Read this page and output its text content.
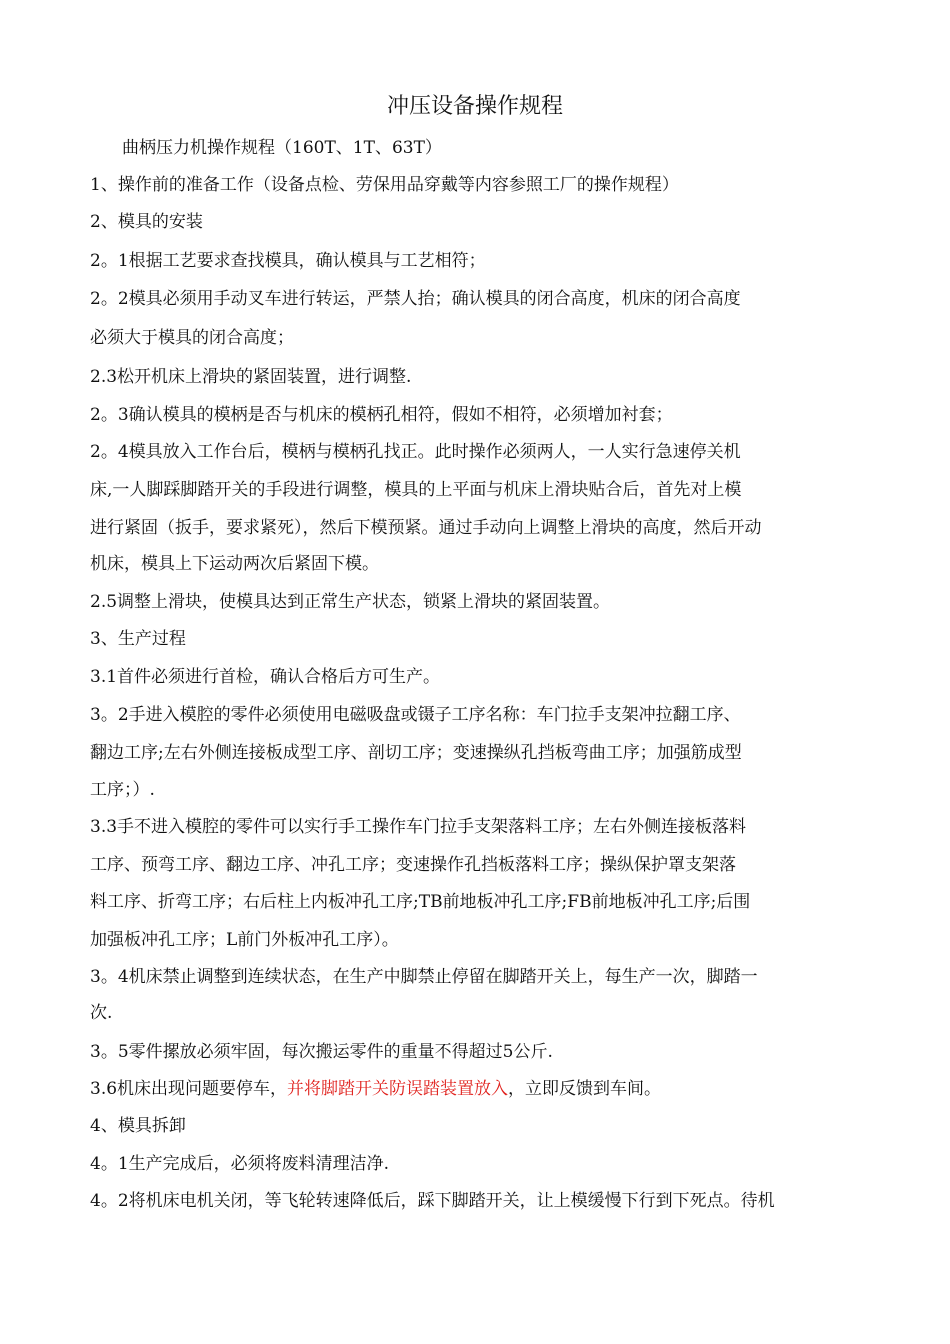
冲压设备操作规程
曲柄压力机操作规程（160T、1T、63T）
1、操作前的准备工作（设备点检、劳保用品穿戴等内容参照工厂的操作规程）
2、模具的安装
2。1根据工艺要求查找模具，确认模具与工艺相符；
2。2模具必须用手动叉车进行转运，严禁人抬；确认模具的闭合高度，机床的闭合高度
必须大于模具的闭合高度；
2.3松开机床上滑块的紧固装置，进行调整.
2。3确认模具的模柄是否与机床的模柄孔相符，假如不相符，必须增加衬套；
2。4模具放入工作台后，模柄与模柄孔找正。此时操作必须两人，一人实行急速停关机
床,一人脚踩脚踏开关的手段进行调整，模具的上平面与机床上滑块贴合后，首先对上模
进行紧固（扳手，要求紧死），然后下模预紧。通过手动向上调整上滑块的高度，然后开动
机床，模具上下运动两次后紧固下模。
2.5调整上滑块，使模具达到正常生产状态，锁紧上滑块的紧固装置。
3、生产过程
3.1首件必须进行首检，确认合格后方可生产。
3。2手进入模腔的零件必须使用电磁吸盘或镊子工序名称：车门拉手支架冲拉翻工序、
翻边工序;左右外侧连接板成型工序、剖切工序；变速操纵孔挡板弯曲工序；加强筋成型
工序；）.
3.3手不进入模腔的零件可以实行手工操作车门拉手支架落料工序；左右外侧连接板落料
工序、预弯工序、翻边工序、冲孔工序；变速操作孔挡板落料工序；操纵保护罩支架落
料工序、折弯工序；右后柱上内板冲孔工序;TB前地板冲孔工序;FB前地板冲孔工序;后围
加强板冲孔工序；L前门外板冲孔工序）。
3。4机床禁止调整到连续状态，在生产中脚禁止停留在脚踏开关上，每生产一次，脚踏一
次.
3。5零件摞放必须牢固，每次搬运零件的重量不得超过5公斤.
3.6机床出现问题要停车，并将脚踏开关防误踏装置放入，立即反馈到车间。
4、模具拆卸
4。1生产完成后，必须将废料清理洁净.
4。2将机床电机关闭，等飞轮转速降低后，踩下脚踏开关，让上模缓慢下行到下死点。待机
